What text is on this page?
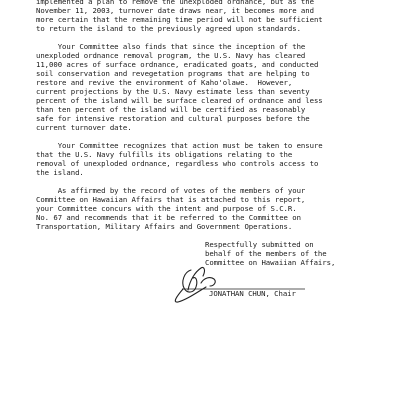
implemented a plan to remove the unexploded ordnance, but as the
November 11, 2003, turnover date draws near, it becomes more and
more certain that the remaining time period will not be sufficient
to return the island to the previously agreed upon standards.
Your Committee also finds that since the inception of the
unexploded ordnance removal program, the U.S. Navy has cleared
11,000 acres of surface ordnance, eradicated goats, and conducted
soil conservation and revegetation programs that are helping to
restore and revive the environment of Kaho'olawe.  However,
current projections by the U.S. Navy estimate less than seventy
percent of the island will be surface cleared of ordnance and less
than ten percent of the island will be certified as reasonably
safe for intensive restoration and cultural purposes before the
current turnover date.
Your Committee recognizes that action must be taken to ensure
that the U.S. Navy fulfills its obligations relating to the
removal of unexploded ordnance, regardless who controls access to
the island.
As affirmed by the record of votes of the members of your
Committee on Hawaiian Affairs that is attached to this report,
your Committee concurs with the intent and purpose of S.C.R.
No. 67 and recommends that it be referred to the Committee on
Transportation, Military Affairs and Government Operations.
Respectfully submitted on
behalf of the members of the
Committee on Hawaiian Affairs,
JONATHAN CHUN, Chair
